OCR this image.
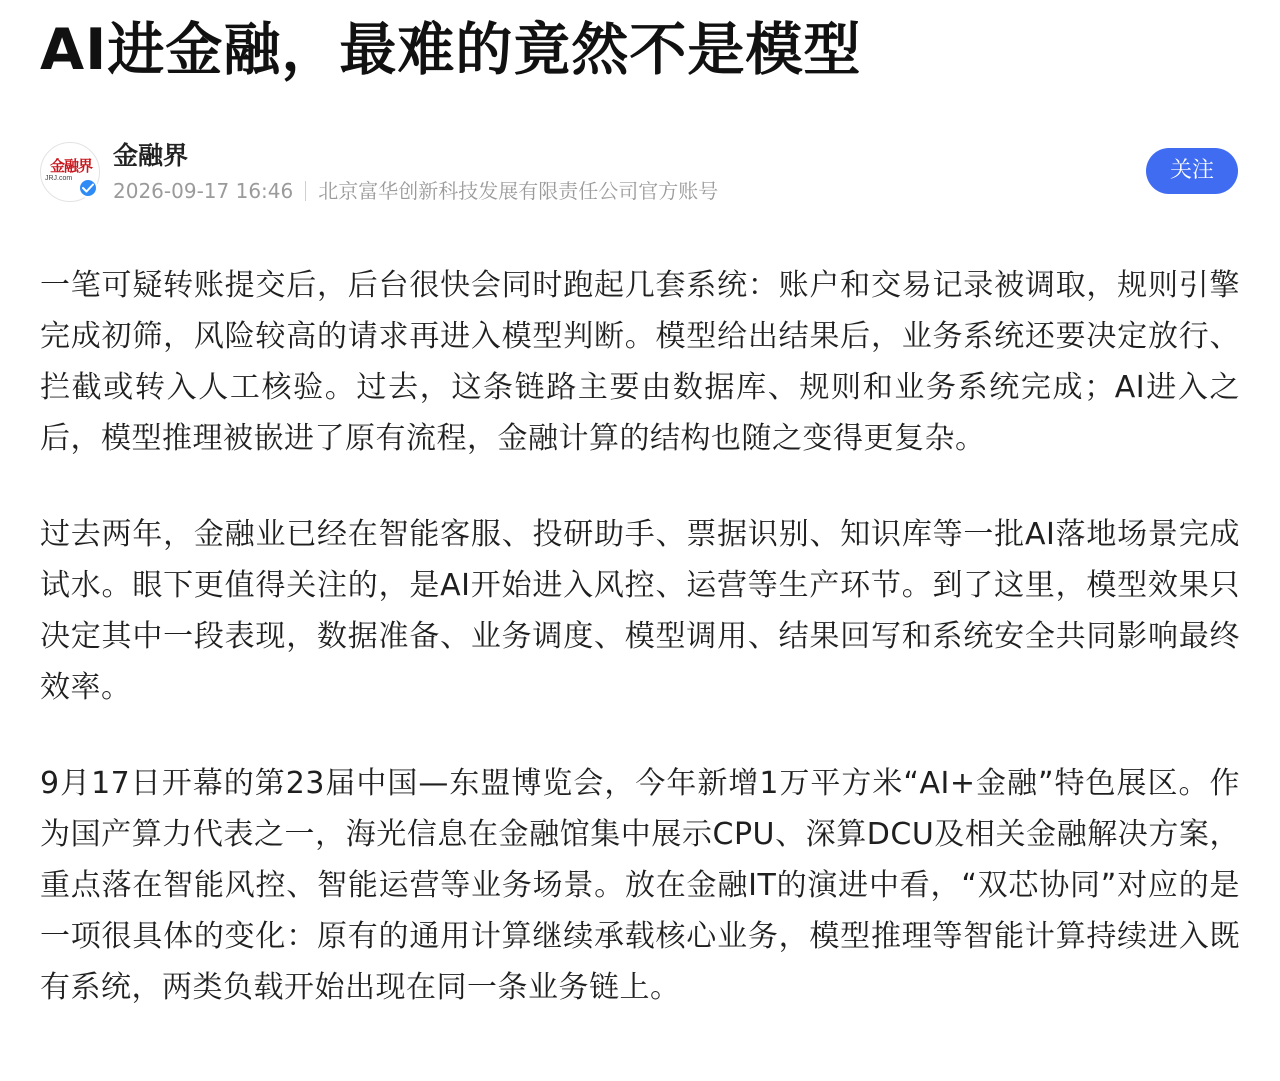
AI进金融，最难的竟然不是模型
金融界
JRJ.com
金融界
2026-09-17 16:46 北京富华创新科技发展有限责任公司官方账号
关注

一笔可疑转账提交后，后台很快会同时跑起几套系统：账户和交易记录被调取，规则引擎完成初筛，风险较高的请求再进入模型判断。模型给出结果后，业务系统还要决定放行、拦截或转入人工核验。过去，这条链路主要由数据库、规则和业务系统完成；AI进入之后，模型推理被嵌进了原有流程，金融计算的结构也随之变得更复杂。

过去两年，金融业已经在智能客服、投研助手、票据识别、知识库等一批AI落地场景完成试水。眼下更值得关注的，是AI开始进入风控、运营等生产环节。到了这里，模型效果只决定其中一段表现，数据准备、业务调度、模型调用、结果回写和系统安全共同影响最终效率。

9月17日开幕的第23届中国—东盟博览会，今年新增1万平方米“AI+金融”特色展区。作为国产算力代表之一，海光信息在金融馆集中展示CPU、深算DCU及相关金融解决方案，重点落在智能风控、智能运营等业务场景。放在金融IT的演进中看，“双芯协同”对应的是一项很具体的变化：原有的通用计算继续承载核心业务，模型推理等智能计算持续进入既有系统，两类负载开始出现在同一条业务链上。
